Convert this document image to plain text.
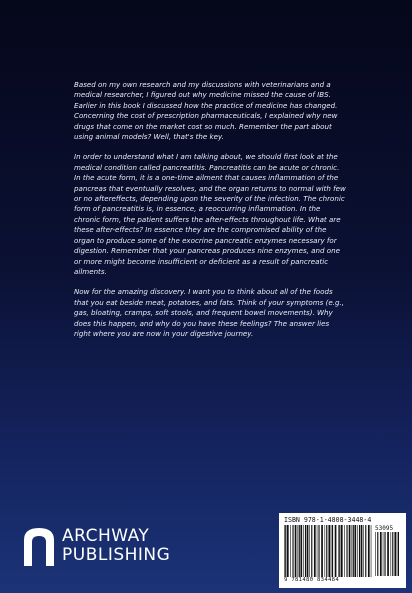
Based on my own research and my discussions with veterinarians and a medical researcher, I figured out why medicine missed the cause of IBS. Earlier in this book I discussed how the practice of medicine has changed. Concerning the cost of prescription pharmaceuticals, I explained why new drugs that come on the market cost so much. Remember the part about using animal models? Well, that's the key.

In order to understand what I am talking about, we should first look at the medical condition called pancreatitis. Pancreatitis can be acute or chronic. In the acute form, it is a one-time ailment that causes inflammation of the pancreas that eventually resolves, and the organ returns to normal with few or no aftereffects, depending upon the severity of the infection. The chronic form of pancreatitis is, in essence, a reoccurring inflammation. In the chronic form, the patient suffers the after-effects throughout life. What are these after-effects? In essence they are the compromised ability of the organ to produce some of the exocrine pancreatic enzymes necessary for digestion. Remember that your pancreas produces nine enzymes, and one or more might become insufficient or deficient as a result of pancreatic ailments.

Now for the amazing discovery. I want you to think about all of the foods that you eat beside meat, potatoes, and fats. Think of your symptoms (e.g., gas, bloating, cramps, soft stools, and frequent bowel movements). Why does this happen, and why do you have these feelings? The answer lies right where you are now in your digestive journey.

ARCHWAY
PUBLISHING
ISBN 978-1-4808-3448-4
53095
9 781480 834484
